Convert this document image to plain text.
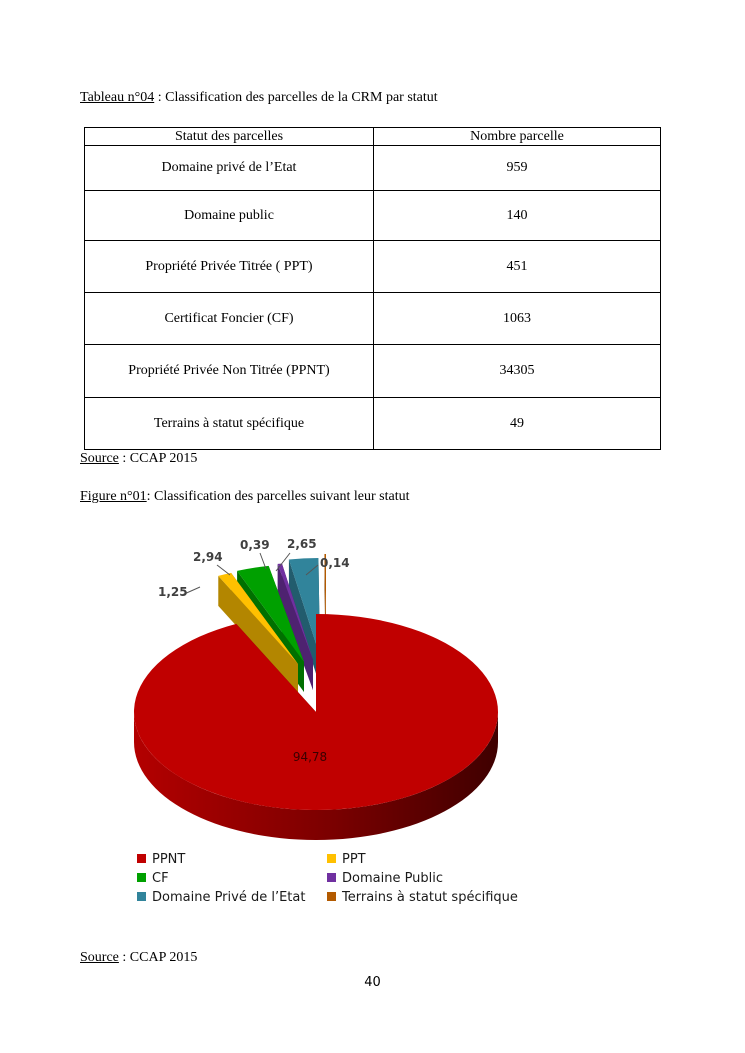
Tableau n°04 : Classification des parcelles de la CRM par statut
Statut des parcelles	Nombre parcelle
Domaine privé de l’Etat	959
Domaine public	140
Propriété Privée Titrée ( PPT)	451
Certificat Foncier (CF)	1063
Propriété Privée Non Titrée (PPNT)	34305
Terrains à statut spécifique	49
Source : CCAP 2015
Figure n°01: Classification des parcelles suivant leur statut
94,78
1,25
2,94
0,39 2,65
0,14
PPNT	PPT
CF	Domaine Public
Domaine Privé de l’Etat	Terrains à statut spécifique
Source : CCAP 2015
40
